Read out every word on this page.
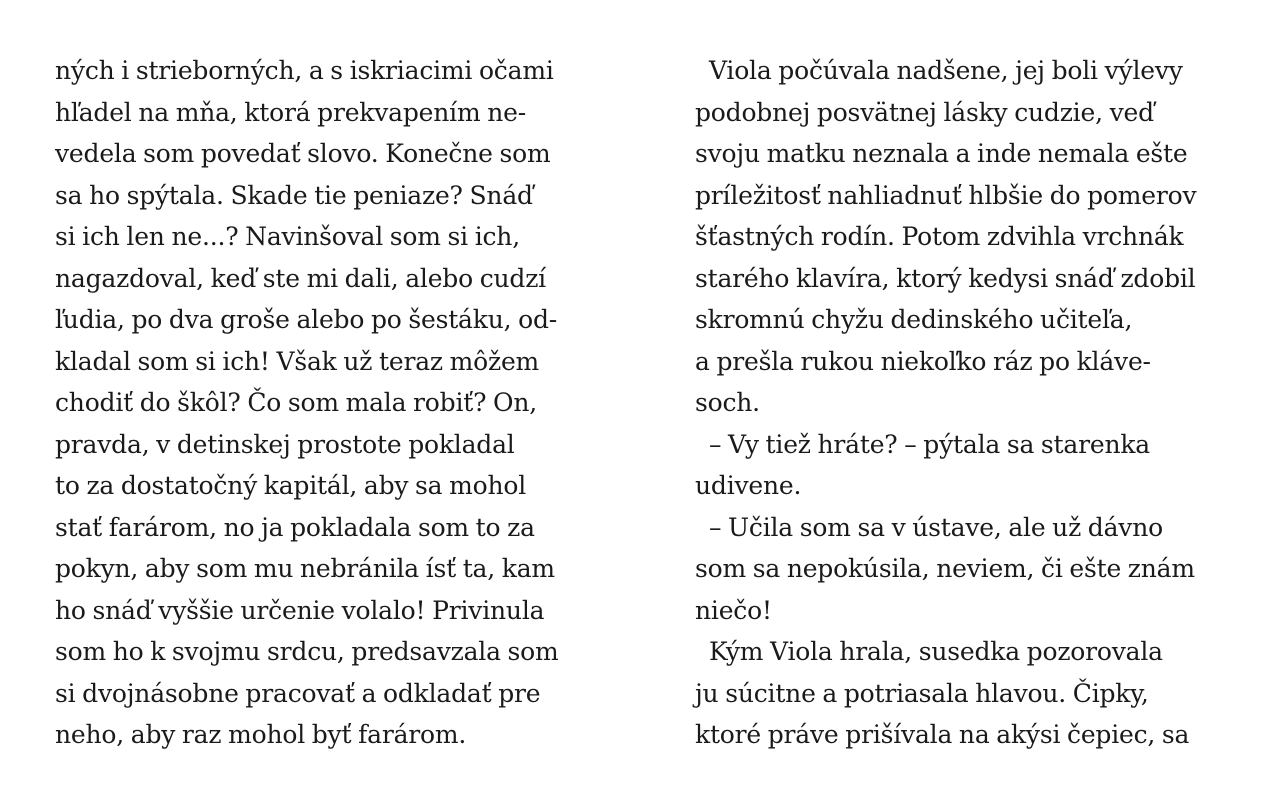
ných i strieborných, a s iskriacimi očami
hľadel na mňa, ktorá prekvapením ne-
vedela som povedať slovo. Konečne som
sa ho spýtala. Skade tie peniaze? Snáď
si ich len ne...? Navinšoval som si ich,
nagazdoval, keď ste mi dali, alebo cudzí
ľudia, po dva groše alebo po šestáku, od-
kladal som si ich! Však už teraz môžem
chodiť do škôl? Čo som mala robiť? On,
pravda, v detinskej prostote pokladal
to za dostatočný kapitál, aby sa mohol
stať farárom, no ja pokladala som to za
pokyn, aby som mu nebránila ísť ta, kam
ho snáď vyššie určenie volalo! Privinula
som ho k svojmu srdcu, predsavzala som
si dvojnásobne pracovať a odkladať pre
neho, aby raz mohol byť farárom.
Viola počúvala nadšene, jej boli výlevy
podobnej posvätnej lásky cudzie, veď
svoju matku neznala a inde nemala ešte
príležitosť nahliadnuť hlbšie do pomerov
šťastných rodín. Potom zdvihla vrchnák
starého klavíra, ktorý kedysi snáď zdobil
skromnú chyžu dedinského učiteľa,
a prešla rukou niekoľko ráz po kláve-
soch.
– Vy tiež hráte? – pýtala sa starenka
udivene.
– Učila som sa v ústave, ale už dávno
som sa nepokúsila, neviem, či ešte znám
niečo!
Kým Viola hrala, susedka pozorovala
ju súcitne a potriasala hlavou. Čipky,
ktoré práve prišívala na akýsi čepiec, sa
